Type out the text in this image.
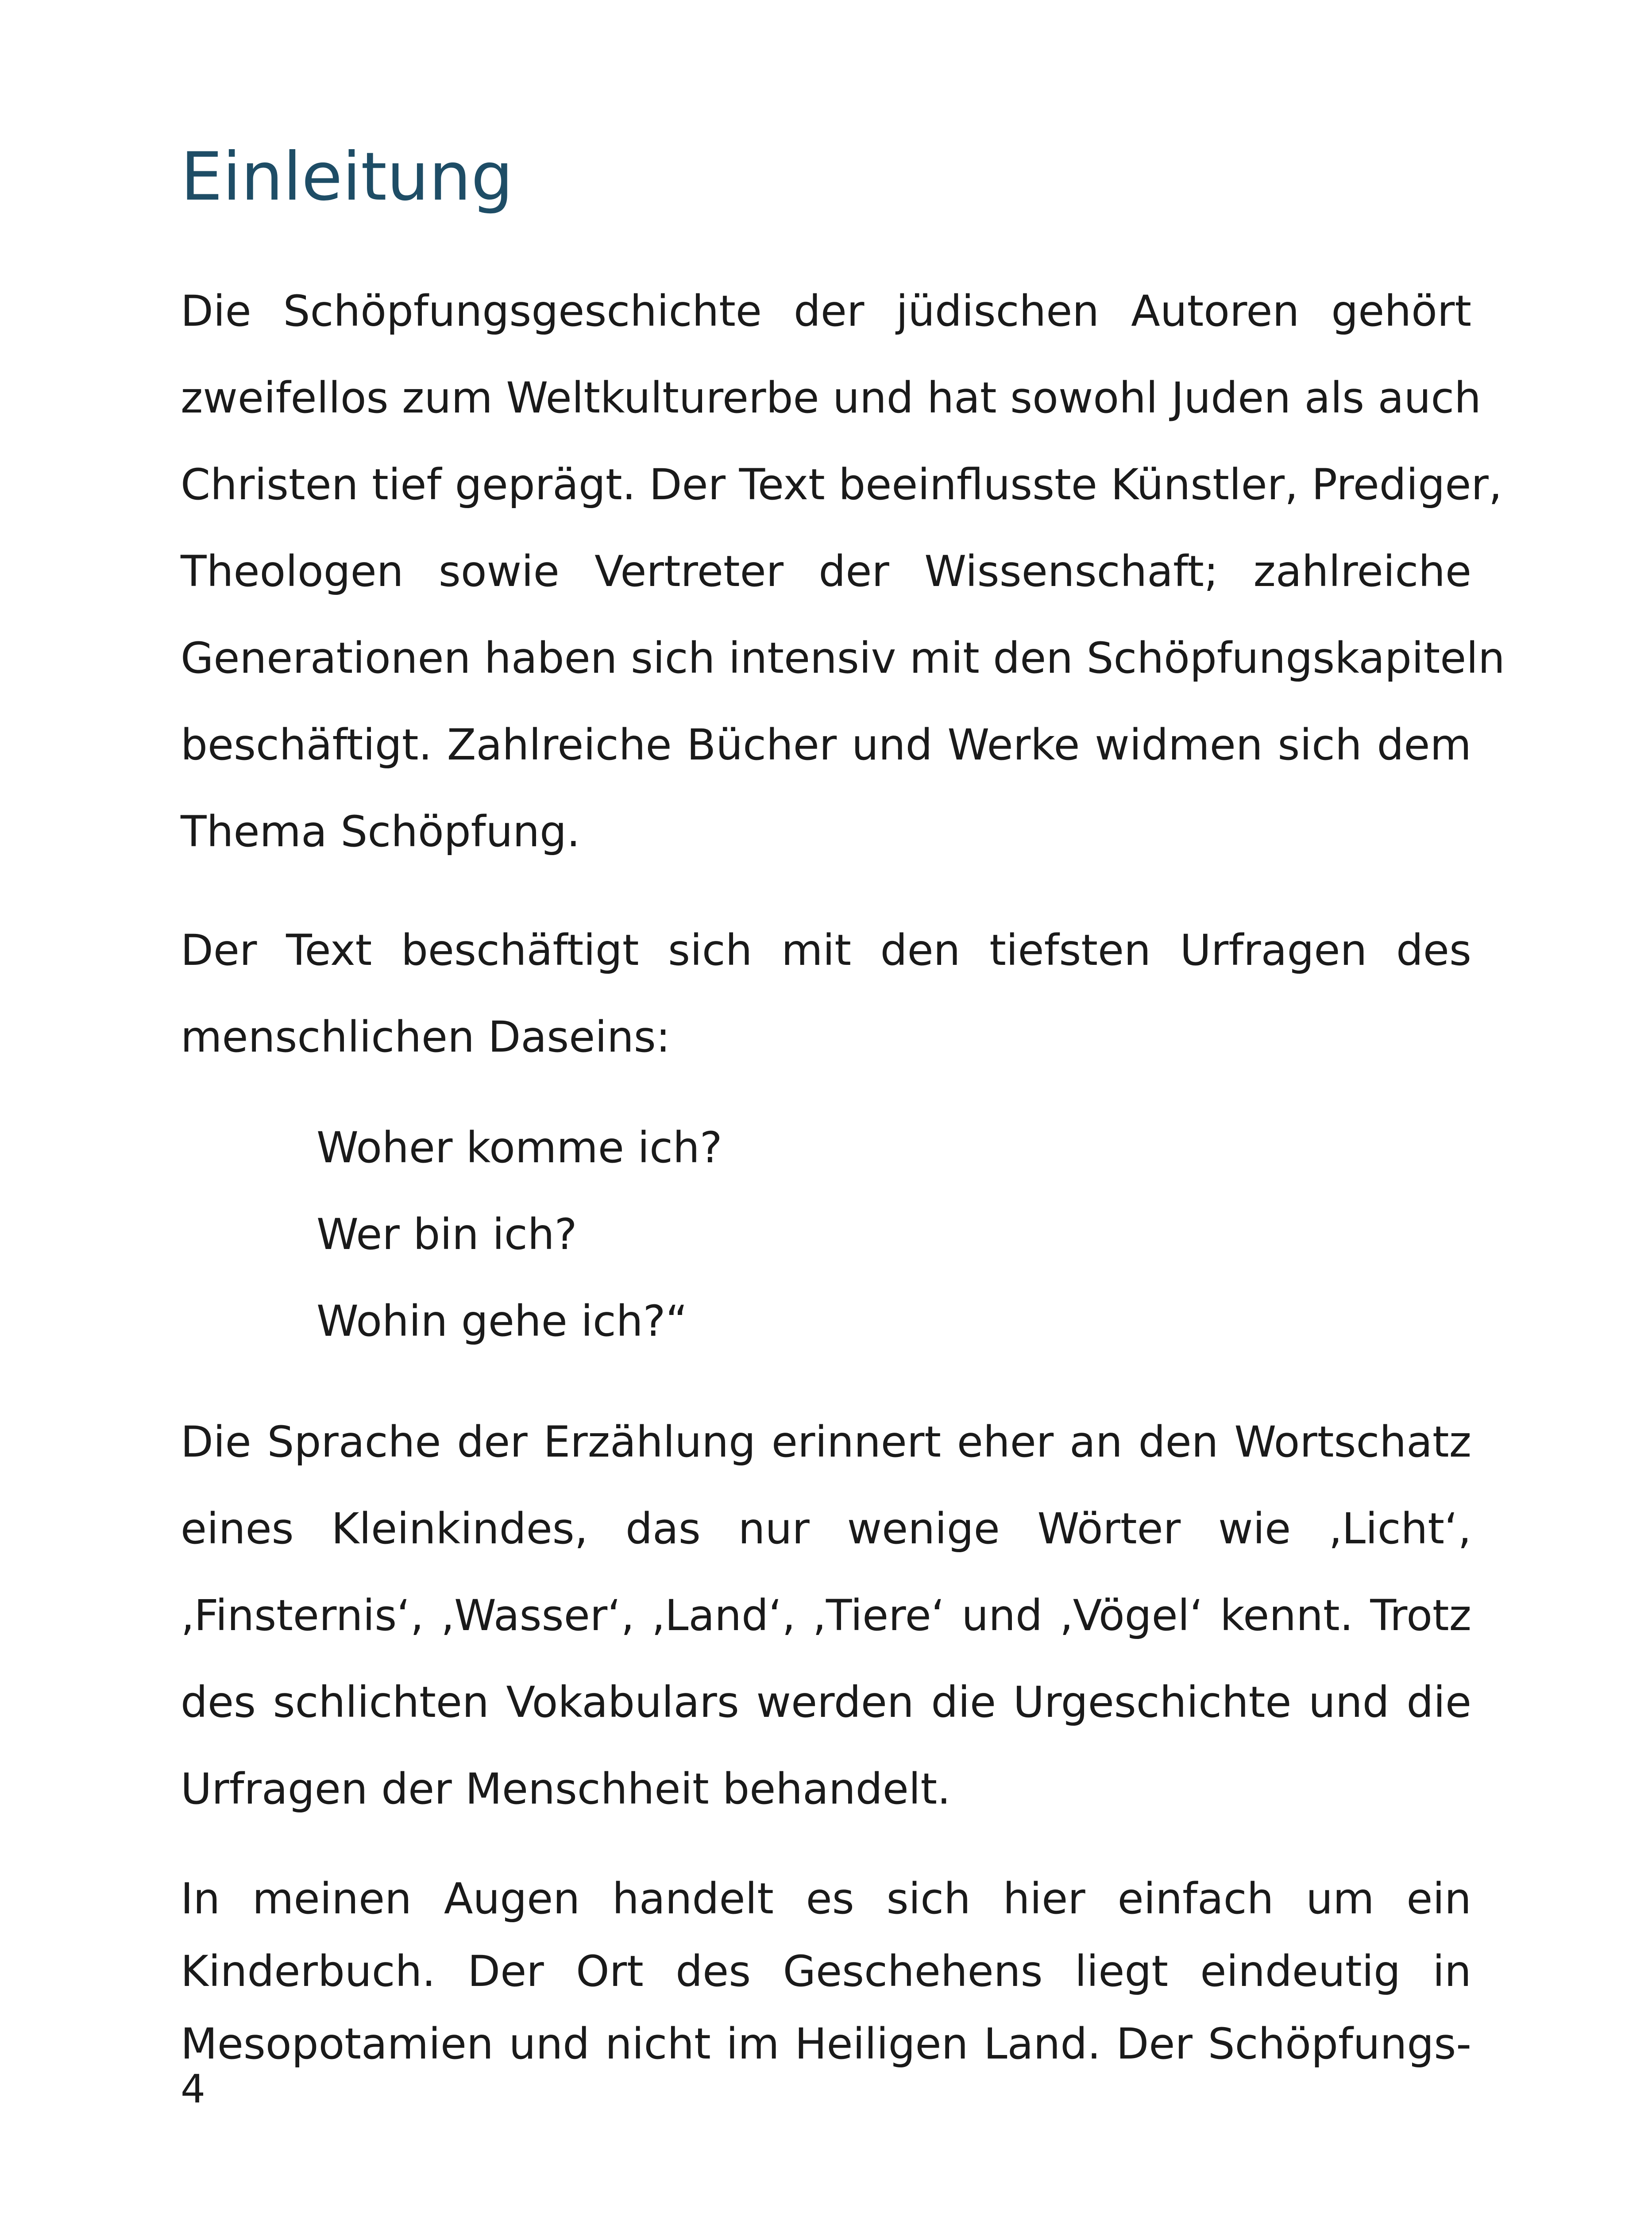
Einleitung

Die Schöpfungsgeschichte der jüdischen Autoren gehört
zweifellos zum Weltkulturerbe und hat sowohl Juden als auch
Christen tief geprägt. Der Text beeinflusste Künstler, Prediger,
Theologen sowie Vertreter der Wissenschaft; zahlreiche
Generationen haben sich intensiv mit den Schöpfungskapiteln
beschäftigt. Zahlreiche Bücher und Werke widmen sich dem
Thema Schöpfung.

Der Text beschäftigt sich mit den tiefsten Urfragen des
menschlichen Daseins:

Woher komme ich?
Wer bin ich?
Wohin gehe ich?“

Die Sprache der Erzählung erinnert eher an den Wortschatz
eines Kleinkindes, das nur wenige Wörter wie ‚Licht‘,
‚Finsternis‘, ‚Wasser‘, ‚Land‘, ‚Tiere‘ und ‚Vögel‘ kennt. Trotz
des schlichten Vokabulars werden die Urgeschichte und die
Urfragen der Menschheit behandelt.

In meinen Augen handelt es sich hier einfach um ein
Kinderbuch. Der Ort des Geschehens liegt eindeutig in
Mesopotamien und nicht im Heiligen Land. Der Schöpfungs-

4
